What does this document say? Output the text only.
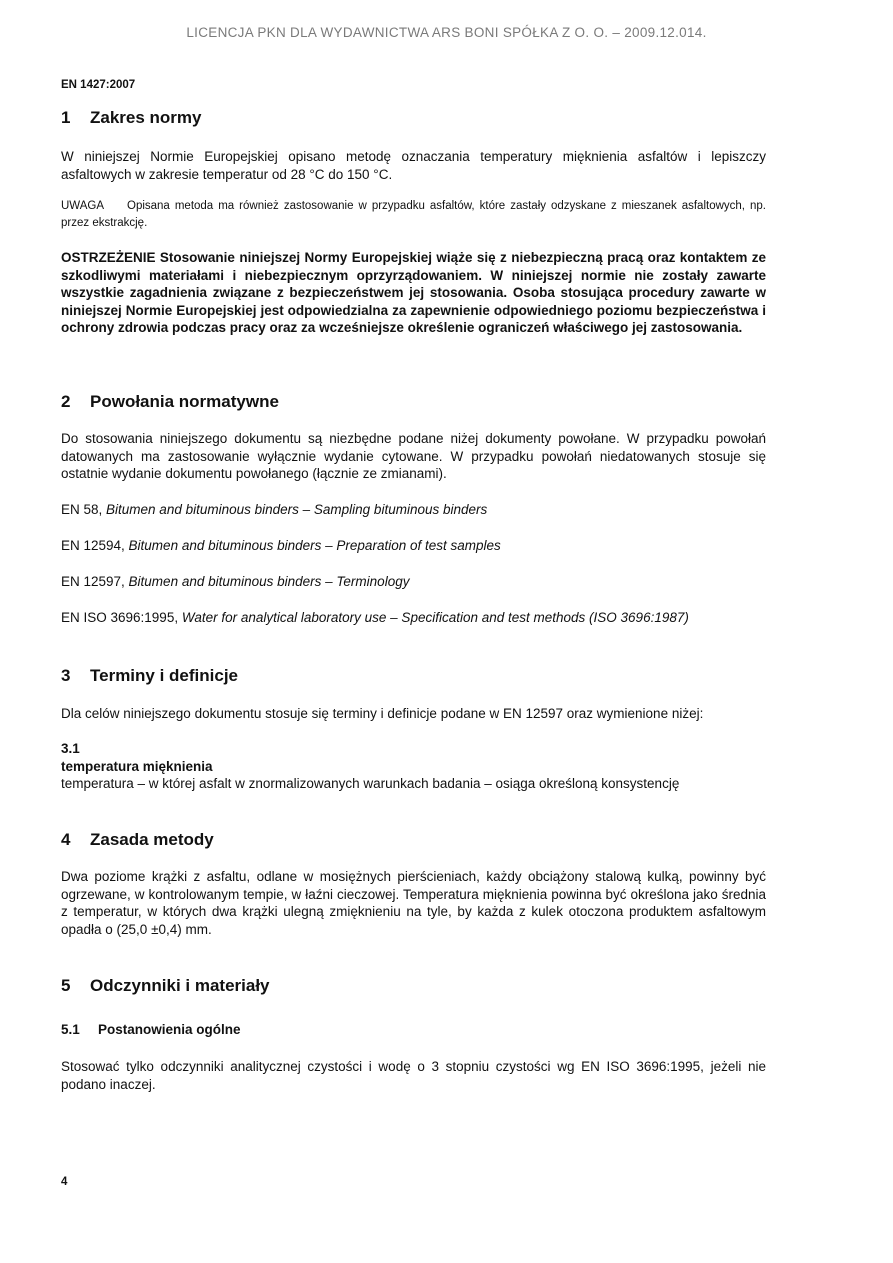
LICENCJA PKN DLA WYDAWNICTWA ARS BONI SPÓŁKA Z O. O. – 2009.12.014.
EN 1427:2007
1 Zakres normy
W niniejszej Normie Europejskiej opisano metodę oznaczania temperatury mięknienia asfaltów i lepiszczy asfaltowych w zakresie temperatur od 28 °C do 150 °C.
UWAGA Opisana metoda ma również zastosowanie w przypadku asfaltów, które zastały odzyskane z mieszanek asfaltowych, np. przez ekstrakcję.
OSTRZEŻENIE Stosowanie niniejszej Normy Europejskiej wiąże się z niebezpieczną pracą oraz kontaktem ze szkodliwymi materiałami i niebezpiecznym oprzyrządowaniem. W niniejszej normie nie zostały zawarte wszystkie zagadnienia związane z bezpieczeństwem jej stosowania. Osoba stosująca procedury zawarte w niniejszej Normie Europejskiej jest odpowiedzialna za zapewnienie odpowiedniego poziomu bezpieczeństwa i ochrony zdrowia podczas pracy oraz za wcześniejsze określenie ograniczeń właściwego jej zastosowania.
2 Powołania normatywne
Do stosowania niniejszego dokumentu są niezbędne podane niżej dokumenty powołane. W przypadku powołań datowanych ma zastosowanie wyłącznie wydanie cytowane. W przypadku powołań niedatowanych stosuje się ostatnie wydanie dokumentu powołanego (łącznie ze zmianami).
EN 58, Bitumen and bituminous binders – Sampling bituminous binders
EN 12594, Bitumen and bituminous binders – Preparation of test samples
EN 12597, Bitumen and bituminous binders – Terminology
EN ISO 3696:1995, Water for analytical laboratory use – Specification and test methods (ISO 3696:1987)
3 Terminy i definicje
Dla celów niniejszego dokumentu stosuje się terminy i definicje podane w EN 12597 oraz wymienione niżej:
3.1
temperatura mięknienia
temperatura – w której asfalt w znormalizowanych warunkach badania – osiąga określoną konsystencję
4 Zasada metody
Dwa poziome krążki z asfaltu, odlane w mosiężnych pierścieniach, każdy obciążony stalową kulką, powinny być ogrzewane, w kontrolowanym tempie, w łaźni cieczowej. Temperatura mięknienia powinna być określona jako średnia z temperatur, w których dwa krążki ulegną zmięknieniu na tyle, by każda z kulek otoczona produktem asfaltowym opadła o (25,0 ±0,4) mm.
5 Odczynniki i materiały
5.1 Postanowienia ogólne
Stosować tylko odczynniki analitycznej czystości i wodę o 3 stopniu czystości wg EN ISO 3696:1995, jeżeli nie podano inaczej.
4
